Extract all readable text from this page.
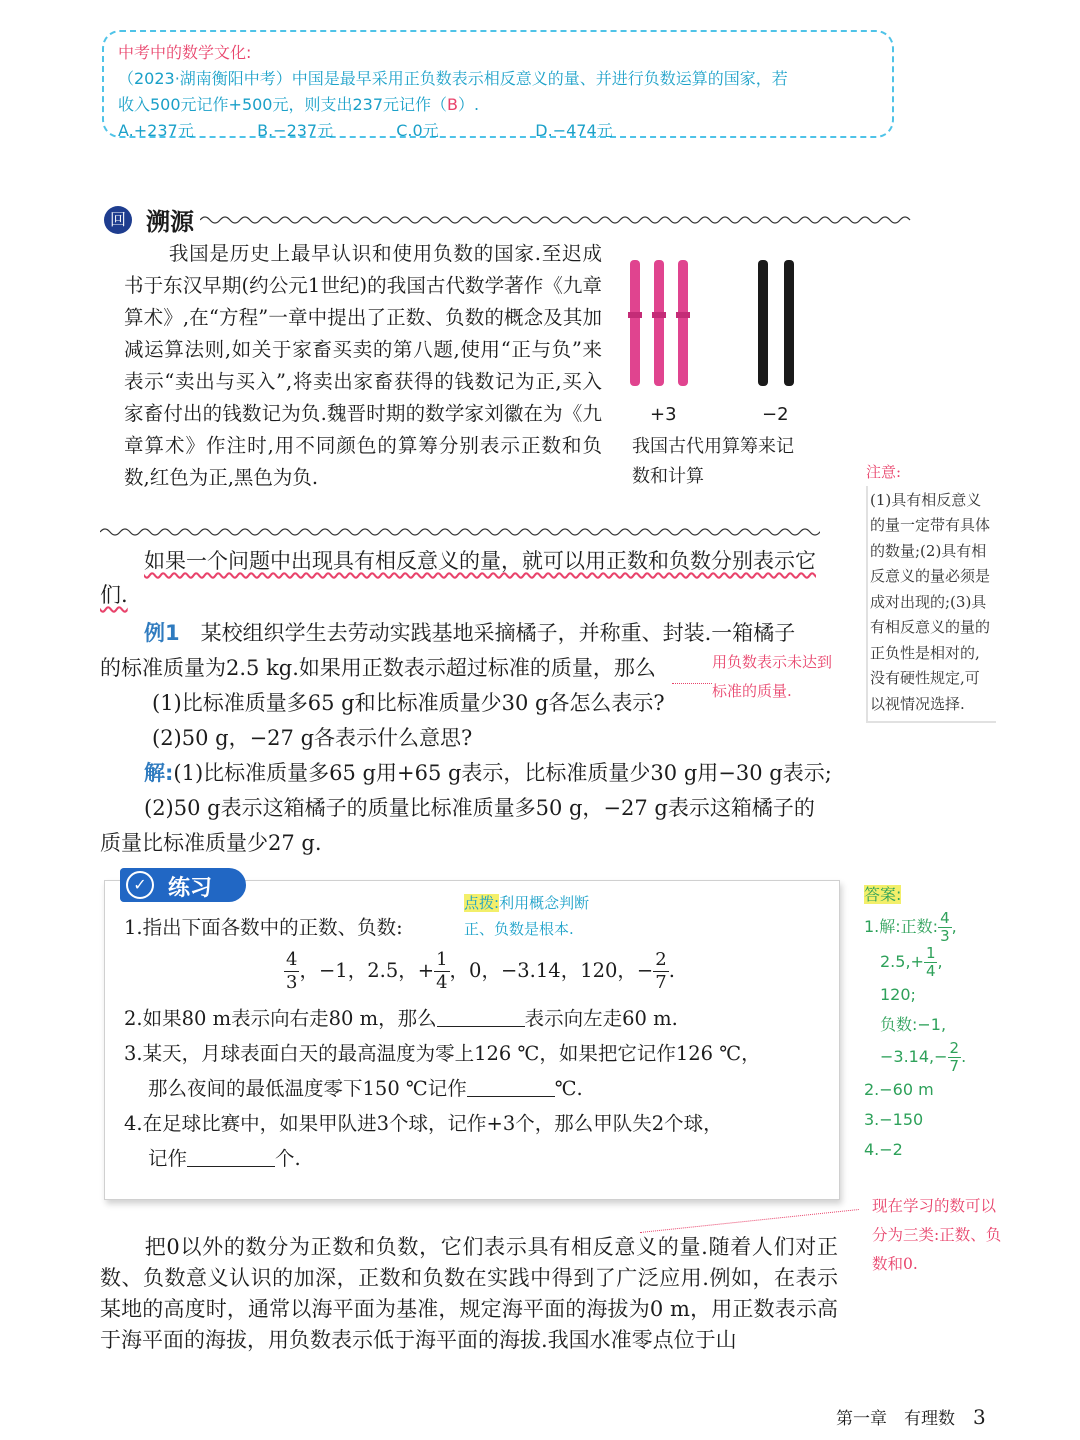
中考中的数学文化:
（2023·湖南衡阳中考）中国是最早采用正负数表示相反意义的量、并进行负数运算的国家，若
收入500元记作+500元，则支出237元记作（B）.
A.+237元	B.−237元	C.0元	D.−474元
回 溯源
我国是历史上最早认识和使用负数的国家.至迟成书于东汉早期(约公元1世纪)的我国古代数学著作《九章算术》,在“方程”一章中提出了正数、负数的概念及其加减运算法则,如关于家畜买卖的第八题,使用“正与负”来表示“卖出与买入”,将卖出家畜获得的钱数记为正,买入家畜付出的钱数记为负.魏晋时期的数学家刘徽在为《九章算术》作注时,用不同颜色的算筹分别表示正数和负数,红色为正,黑色为负.
+3	−2
我国古代用算筹来记数和计算
如果一个问题中出现具有相反意义的量，就可以用正数和负数分别表示它们.
例1　 某校组织学生去劳动实践基地采摘橘子，并称重、封装.一箱橘子
的标准质量为2.5 kg.如果用正数表示超过标准的质量，那么
(1)比标准质量多65 g和比标准质量少30 g各怎么表示?
(2)50 g，−27 g各表示什么意思?
解:(1)比标准质量多65 g用+65 g表示，比标准质量少30 g用−30 g表示;
(2)50 g表示这箱橘子的质量比标准质量多50 g，−27 g表示这箱橘子的
质量比标准质量少27 g.
用负数表示未达到标准的质量.
注意:
(1)具有相反意义的量一定带有具体的数量;(2)具有相反意义的量必须是成对出现的;(3)具有相反意义的量的正负性是相对的,没有硬性规定,可以视情况选择.
✓ 练习
点拨:利用概念判断
正、负数是根本.
1.指出下面各数中的正数、负数:
$\frac{4}{3}$ ，−1，2.5，+ $\frac{1}{4}$ ，0，−3.14，120，− $\frac{2}{7}$ .
2.如果80 m表示向右走80 m，那么	表示向左走60 m.
3.某天，月球表面白天的最高温度为零上126 ℃，如果把它记作126 ℃，
那么夜间的最低温度零下150 ℃记作	℃.
4.在足球比赛中，如果甲队进3个球，记作+3个，那么甲队失2个球，
记作	个.
答案:
1.解:正数: $\frac{4}{3}$ ,
$2.5,+ \frac{1}{4}$ ,
120;
负数:−1,
$-3.14,- \frac{2}{7}$ .
2.−60 m
3.−150
4.−2
现在学习的数可以分为三类:正数、负数和0.
把0以外的数分为正数和负数，它们表示具有相反意义的量.随着人们对正数、负数意义认识的加深，正数和负数在实践中得到了广泛应用.例如，在表示某地的高度时，通常以海平面为基准，规定海平面的海拔为0 m，用正数表示高于海平面的海拔，用负数表示低于海平面的海拔.我国水准零点位于山
第一章　有理数 3
